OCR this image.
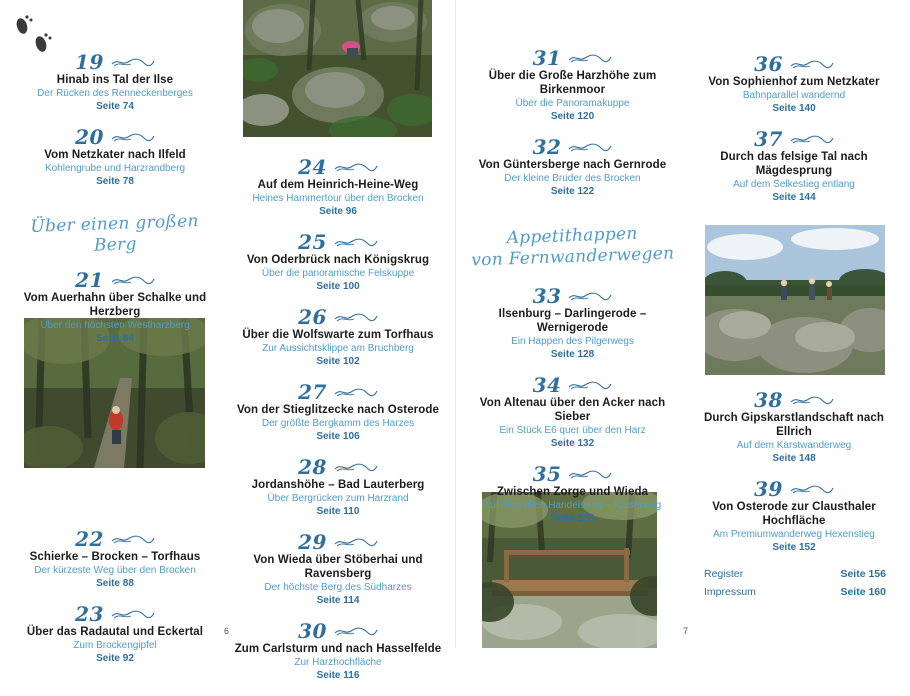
19
Hinab ins Tal der Ilse
Der Rücken des Renneckenberges
Seite 74
20
Vom Netzkater nach Ilfeld
Kohlengrube und Harzrandberg
Seite 78
Über einen großen Berg
21
Vom Auerhahn über Schalke und Herzberg
Über den höchsten Westharzberg
Seite 84
22
Schierke – Brocken – Torfhaus
Der kürzeste Weg über den Brocken
Seite 88
23
Über das Radautal und Eckertal
Zum Brockengipfel
Seite 92
24
Auf dem Heinrich-Heine-Weg
Heines Hammertour über den Brocken
Seite 96
25
Von Oderbrück nach Königskrug
Über die panoramische Felskuppe
Seite 100
26
Über die Wolfswarte zum Torfhaus
Zur Aussichtsklippe am Bruchberg
Seite 102
27
Von der Stieglitzecke nach Osterode
Der größte Bergkamm des Harzes
Seite 106
28
Jordanshöhe – Bad Lauterberg
Über Bergrücken zum Harzrand
Seite 110
29
Von Wieda über Stöberhai und Ravensberg
Der höchste Berg des Südharzes
Seite 114
30
Zum Carlsturm und nach Hasselfelde
Zur Harzhochfläche
Seite 116
31
Über die Große Harzhöhe zum Birkenmoor
Über die Panoramakuppe
Seite 120
32
Von Güntersberge nach Gernrode
Der kleine Bruder des Brocken
Seite 122
Appetithappen
von Fernwanderwegen
33
Ilsenburg – Darlingerode – Wernigerode
Ein Happen des Pilgerwegs
Seite 128
34
Von Altenau über den Acker nach Sieber
Ein Stück E6 quer über den Harz
Seite 132
35
Zwischen Zorge und Wieda
Auf dem alten Handelsweg – Kaiserweg
Seite 136
36
Von Sophienhof zum Netzkater
Bahnparallel wandernd
Seite 140
37
Durch das felsige Tal nach Mägdesprung
Auf dem Selkestieg entlang
Seite 144
38
Durch Gipskarstlandschaft nach Ellrich
Auf dem Karstwanderweg
Seite 148
39
Von Osterode zur Clausthaler Hochfläche
Am Premiumwanderweg Hexenstieg
Seite 152
Register	Seite 156
Impressum	Seite 160
6	7
